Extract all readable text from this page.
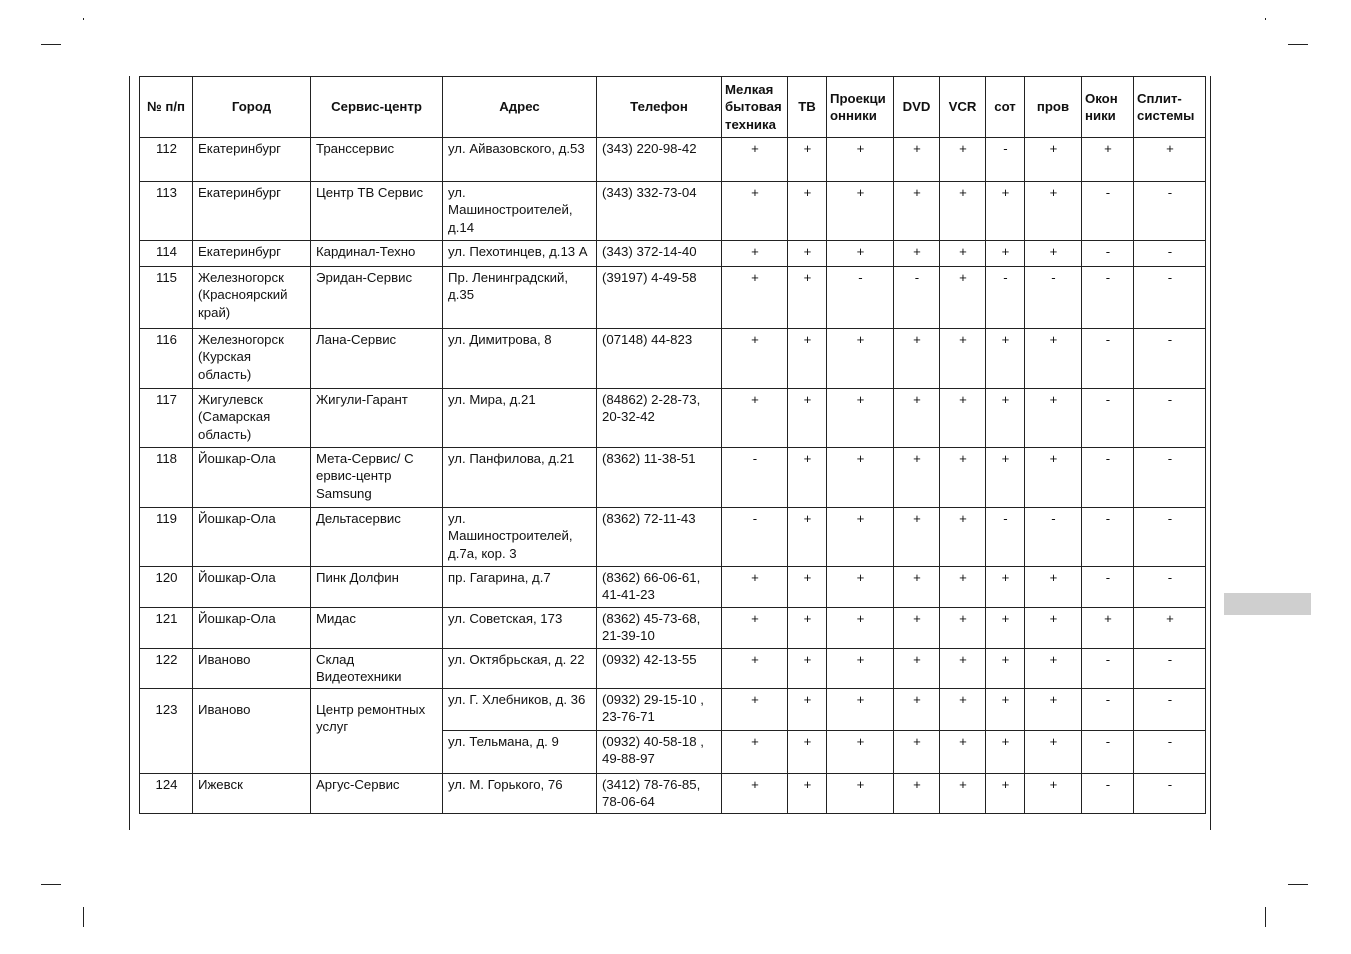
№ п/п	Город	Сервис-центр	Адрес	Телефон	Мелкая бытовая техника	ТВ	Проекци онники	DVD	VCR	сот	пров	Окон ники	Сплит- системы
112	Екатеринбург	Транссервис	ул. Айвазовского, д.53	(343) 220-98-42	+	+	+	+	+	-	+	+	+
113	Екатеринбург	Центр ТВ Сервис	ул. Машиностроителей, д.14	(343) 332-73-04	+	+	+	+	+	+	+	-	-
114	Екатеринбург	Кардинал-Техно	ул. Пехотинцев, д.13 А	(343) 372-14-40	+	+	+	+	+	+	+	-	-
115	Железногорск (Красноярский край)	Эридан-Сервис	Пр. Ленинградский, д.35	(39197) 4-49-58	+	+	-	-	+	-	-	-	-
116	Железногорск (Курская область)	Лана-Сервис	ул. Димитрова, 8	(07148) 44-823	+	+	+	+	+	+	+	-	-
117	Жигулевск (Самарская область)	Жигули-Гарант	ул. Мира, д.21	(84862) 2-28-73, 20-32-42	+	+	+	+	+	+	+	-	-
118	Йошкар-Ола	Мета-Сервис/ С ервис-центр Samsung	ул. Панфилова, д.21	(8362) 11-38-51	-	+	+	+	+	+	+	-	-
119	Йошкар-Ола	Дельтасервис	ул. Машиностроителей, д.7а, кор. 3	(8362) 72-11-43	-	+	+	+	+	-	-	-	-
120	Йошкар-Ола	Пинк Долфин	пр. Гагарина, д.7	(8362) 66-06-61, 41-41-23	+	+	+	+	+	+	+	-	-
121	Йошкар-Ола	Мидас	ул. Советская, 173	(8362) 45-73-68, 21-39-10	+	+	+	+	+	+	+	+	+
122	Иваново	Склад Видеотехники	ул. Октябрьская, д. 22	(0932) 42-13-55	+	+	+	+	+	+	+	-	-
123	Иваново	Центр ремонтных услуг	ул. Г. Хлебников, д. 36	(0932) 29-15-10 , 23-76-71	+	+	+	+	+	+	+	-	-
			ул. Тельмана, д. 9	(0932) 40-58-18 , 49-88-97	+	+	+	+	+	+	+	-	-
124	Ижевск	Аргус-Сервис	ул. М. Горького, 76	(3412) 78-76-85, 78-06-64	+	+	+	+	+	+	+	-	-
